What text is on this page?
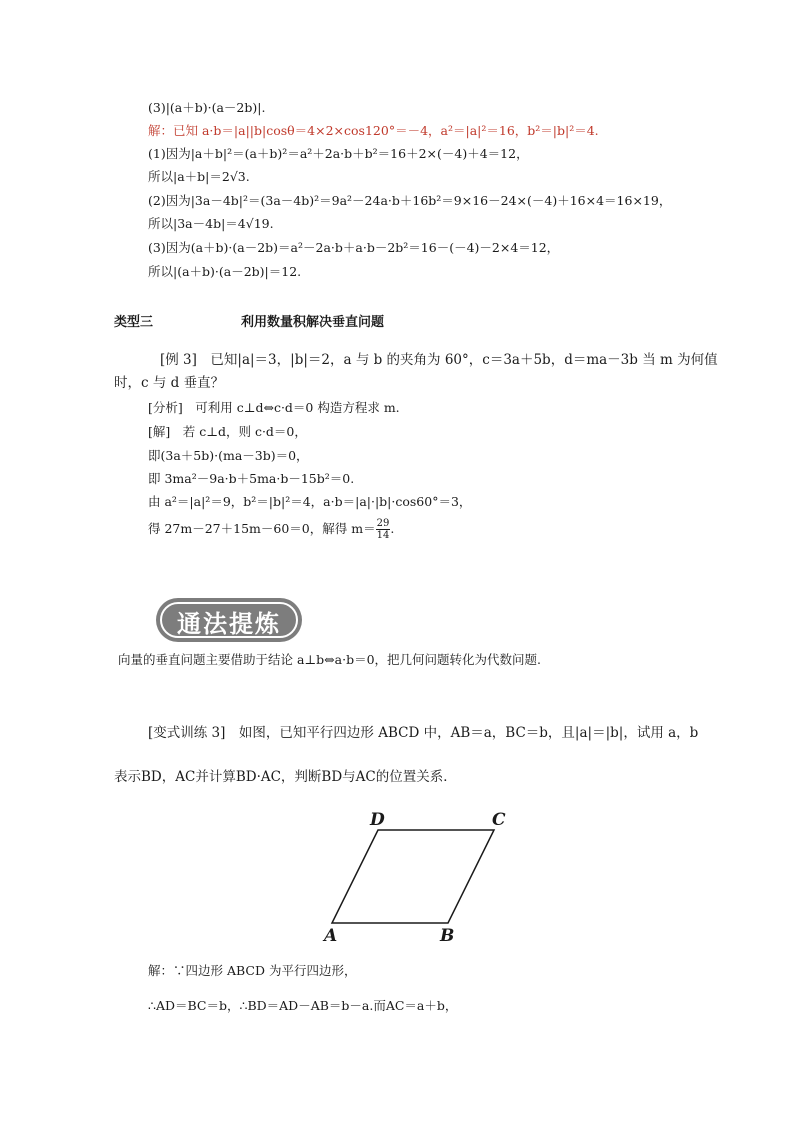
(3)|(a＋b)·(a－2b)|.
解：已知 a·b＝|a||b|cosθ＝4×2×cos120°＝－4，a²＝|a|²＝16，b²＝|b|²＝4.
(1)因为|a＋b|²＝(a＋b)²＝a²＋2a·b＋b²＝16＋2×(－4)＋4＝12，
所以|a＋b|＝2√3.
(2)因为|3a－4b|²＝(3a－4b)²＝9a²－24a·b＋16b²＝9×16－24×(－4)＋16×4＝16×19，
所以|3a－4b|＝4√19.
(3)因为(a＋b)·(a－2b)＝a²－2a·b＋a·b－2b²＝16－(－4)－2×4＝12，
所以|(a＋b)·(a－2b)|＝12.
类型三	利用数量积解决垂直问题
[例 3]　已知|a|＝3，|b|＝2，a 与 b 的夹角为 60°，c＝3a＋5b，d＝ma－3b 当 m 为何值
时，c 与 d 垂直？
[分析]　可利用 c⊥d⇔c·d＝0 构造方程求 m.
[解]　若 c⊥d，则 c·d＝0，
即(3a＋5b)·(ma－3b)＝0，
即 3ma²－9a·b＋5ma·b－15b²＝0.
由 a²＝|a|²＝9，b²＝|b|²＝4，a·b＝|a|·|b|·cos60°＝3，
得 27m－27＋15m－60＝0，解得 $m= \frac{29}{14}$ .
通法提炼
向量的垂直问题主要借助于结论 a⊥b⇔a·b＝0，把几何问题转化为代数问题.
[变式训练 3]　如图，已知平行四边形 ABCD 中，AB＝a，BC＝b，且|a|＝|b|，试用 a，b
表示BD，AC并计算BD·AC，判断BD与AC的位置关系．
A	B
C
D
解：∵四边形 ABCD 为平行四边形，
∴AD＝BC＝b，∴BD＝AD－AB＝b－a.而AC＝a＋b，
